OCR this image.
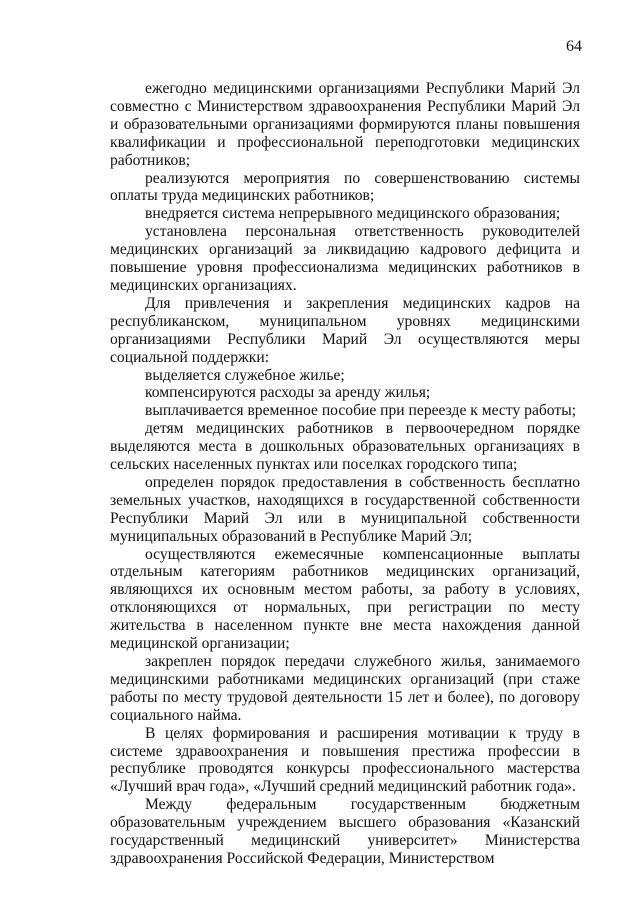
64

ежегодно медицинскими организациями Республики Марий Эл совместно с Министерством здравоохранения Республики Марий Эл и образовательными организациями формируются планы повышения квалификации и профессиональной переподготовки медицинских работников;

реализуются мероприятия по совершенствованию системы оплаты труда медицинских работников;

внедряется система непрерывного медицинского образования;

установлена персональная ответственность руководителей медицинских организаций за ликвидацию кадрового дефицита и повышение уровня профессионализма медицинских работников в медицинских организациях.

Для привлечения и закрепления медицинских кадров на республиканском, муниципальном уровнях медицинскими организациями Республики Марий Эл осуществляются меры социальной поддержки:

выделяется служебное жилье;

компенсируются расходы за аренду жилья;

выплачивается временное пособие при переезде к месту работы;

детям медицинских работников в первоочередном порядке выделяются места в дошкольных образовательных организациях в сельских населенных пунктах или поселках городского типа;

определен порядок предоставления в собственность бесплатно земельных участков, находящихся в государственной собственности Республики Марий Эл или в муниципальной собственности муниципальных образований в Республике Марий Эл;

осуществляются ежемесячные компенсационные выплаты отдельным категориям работников медицинских организаций, являющихся их основным местом работы, за работу в условиях, отклоняющихся от нормальных, при регистрации по месту жительства в населенном пункте вне места нахождения данной медицинской организации;

закреплен порядок передачи служебного жилья, занимаемого медицинскими работниками медицинских организаций (при стаже работы по месту трудовой деятельности 15 лет и более), по договору социального найма.

В целях формирования и расширения мотивации к труду в системе здравоохранения и повышения престижа профессии в республике проводятся конкурсы профессионального мастерства «Лучший врач года», «Лучший средний медицинский работник года».

Между федеральным государственным бюджетным образовательным учреждением высшего образования «Казанский государственный медицинский университет» Министерства здравоохранения Российской Федерации, Министерством
